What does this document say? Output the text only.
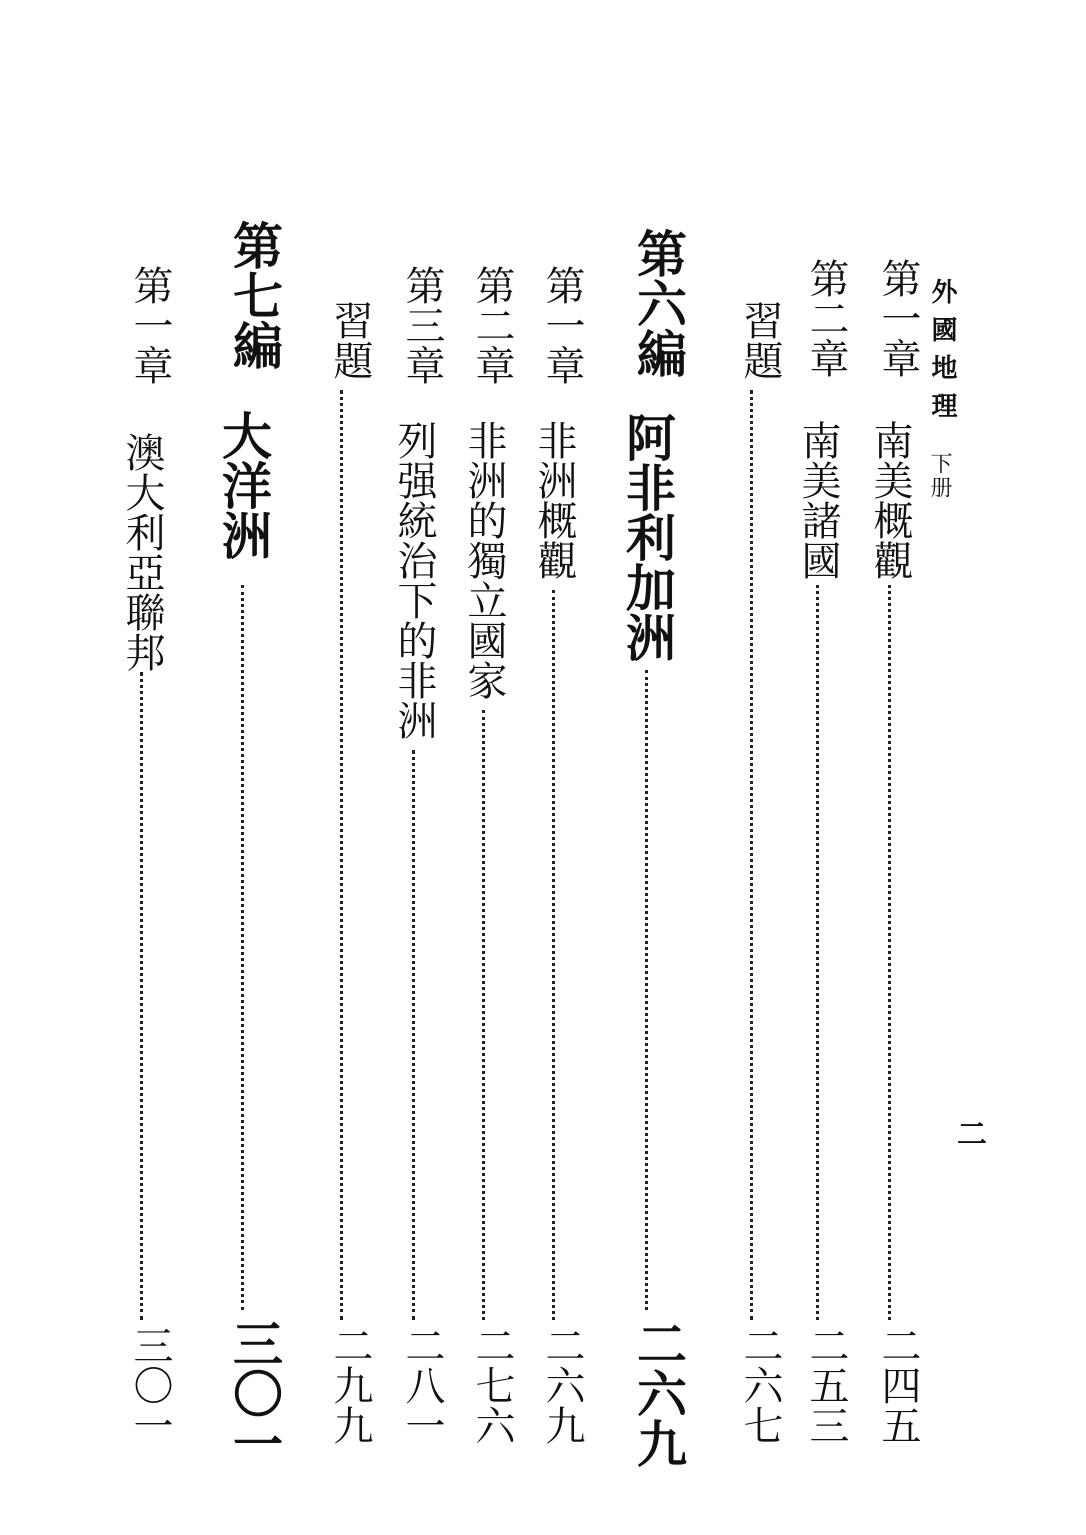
外國地理 下册
二
第一章
南美概觀
二四五
第二章
南美諸國
二五三
習題
二六七
第六編
阿非利加洲
二六九
第一章
非洲概觀
二六九
第二章
非洲的獨立國家
二七六
第三章
列强統治下的非洲
二八一
習題
二九九
第七編
大洋洲
三〇一
第一章
澳大利亞聯邦
三〇一
